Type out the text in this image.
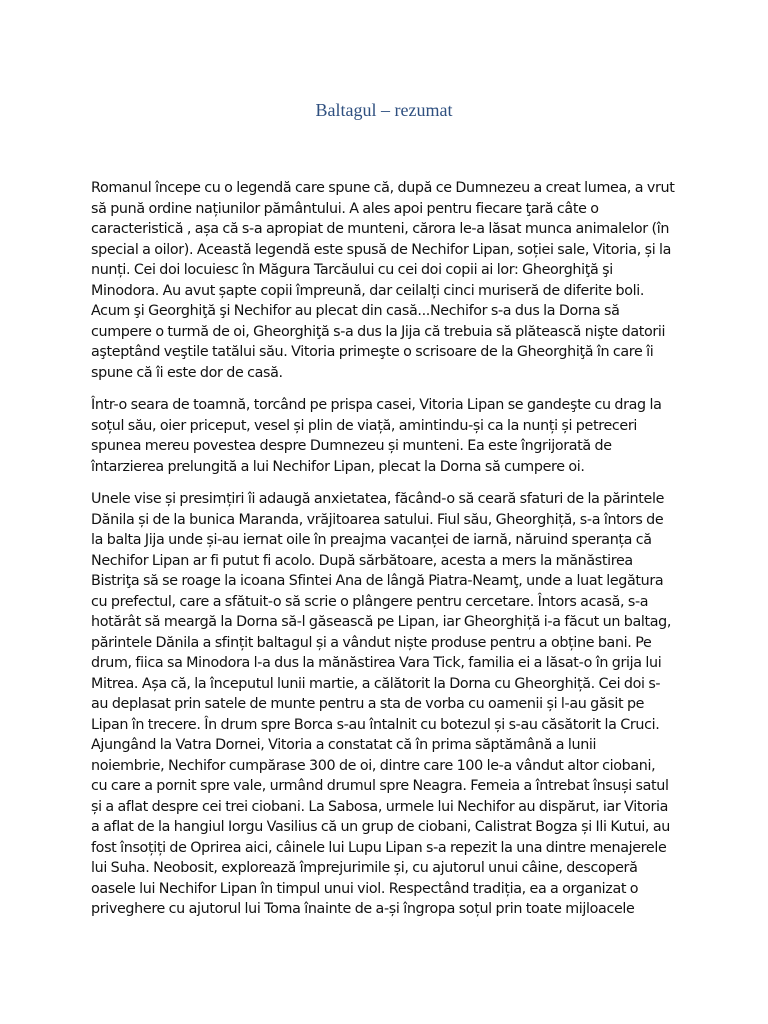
Baltagul – rezumat

Romanul începe cu o legendă care spune că, după ce Dumnezeu a creat lumea, a vrut
să pună ordine națiunilor pământului. A ales apoi pentru fiecare ţară câte o
caracteristică , așa că s-a apropiat de munteni, cărora le-a lăsat munca animalelor (în
special a oilor). Această legendă este spusă de Nechifor Lipan, soției sale, Vitoria, și la
nunți. Cei doi locuiesc în Măgura Tarcăului cu cei doi copii ai lor: Gheorghiţă şi
Minodora. Au avut șapte copii împreună, dar ceilalți cinci muriseră de diferite boli.
Acum şi Georghiţă şi Nechifor au plecat din casă...Nechifor s-a dus la Dorna să
cumpere o turmă de oi, Gheorghiţă s-a dus la Jija că trebuia să plătească nişte datorii
aşteptând veştile tatălui său. Vitoria primeşte o scrisoare de la Gheorghiţă în care îi
spune că îi este dor de casă.

Într-o seara de toamnă, torcând pe prispa casei, Vitoria Lipan se gandeşte cu drag la
soțul său, oier priceput, vesel și plin de viață, amintindu-și ca la nunți și petreceri
spunea mereu povestea despre Dumnezeu și munteni. Ea este îngrijorată de
întarzierea prelungită a lui Nechifor Lipan, plecat la Dorna să cumpere oi.

Unele vise și presimțiri îi adaugă anxietatea, făcând-o să ceară sfaturi de la părintele
Dănila și de la bunica Maranda, vrăjitoarea satului. Fiul său, Gheorghiță, s-a întors de
la balta Jija unde și-au iernat oile în preajma vacanței de iarnă, năruind speranța că
Nechifor Lipan ar fi putut fi acolo. După sărbătoare, acesta a mers la mănăstirea
Bistriţa să se roage la icoana Sfintei Ana de lângă Piatra-Neamţ, unde a luat legătura
cu prefectul, care a sfătuit-o să scrie o plângere pentru cercetare. Întors acasă, s-a
hotărât să meargă la Dorna să-l găsească pe Lipan, iar Gheorghiță i-a făcut un baltag,
părintele Dănila a sfințit baltagul și a vândut niște produse pentru a obține bani. Pe
drum, fiica sa Minodora l-a dus la mănăstirea Vara Tick, familia ei a lăsat-o în grija lui
Mitrea. Așa că, la începutul lunii martie, a călătorit la Dorna cu Gheorghiță. Cei doi s-
au deplasat prin satele de munte pentru a sta de vorba cu oamenii și l-au găsit pe
Lipan în trecere. În drum spre Borca s-au întalnit cu botezul și s-au căsătorit la Cruci.
Ajungând la Vatra Dornei, Vitoria a constatat că în prima săptămână a lunii
noiembrie, Nechifor cumpărase 300 de oi, dintre care 100 le-a vândut altor ciobani,
cu care a pornit spre vale, urmând drumul spre Neagra. Femeia a întrebat însuși satul
și a aflat despre cei trei ciobani. La Sabosa, urmele lui Nechifor au dispărut, iar Vitoria
a aflat de la hangiul Iorgu Vasilius că un grup de ciobani, Calistrat Bogza și Ili Kutui, au
fost însoțiți de Oprirea aici, câinele lui Lupu Lipan s-a repezit la una dintre menajerele
lui Suha. Neobosit, explorează împrejurimile și, cu ajutorul unui câine, descoperă
oasele lui Nechifor Lipan în timpul unui viol. Respectând tradiția, ea a organizat o
priveghere cu ajutorul lui Toma înainte de a-și îngropa soțul prin toate mijloacele
